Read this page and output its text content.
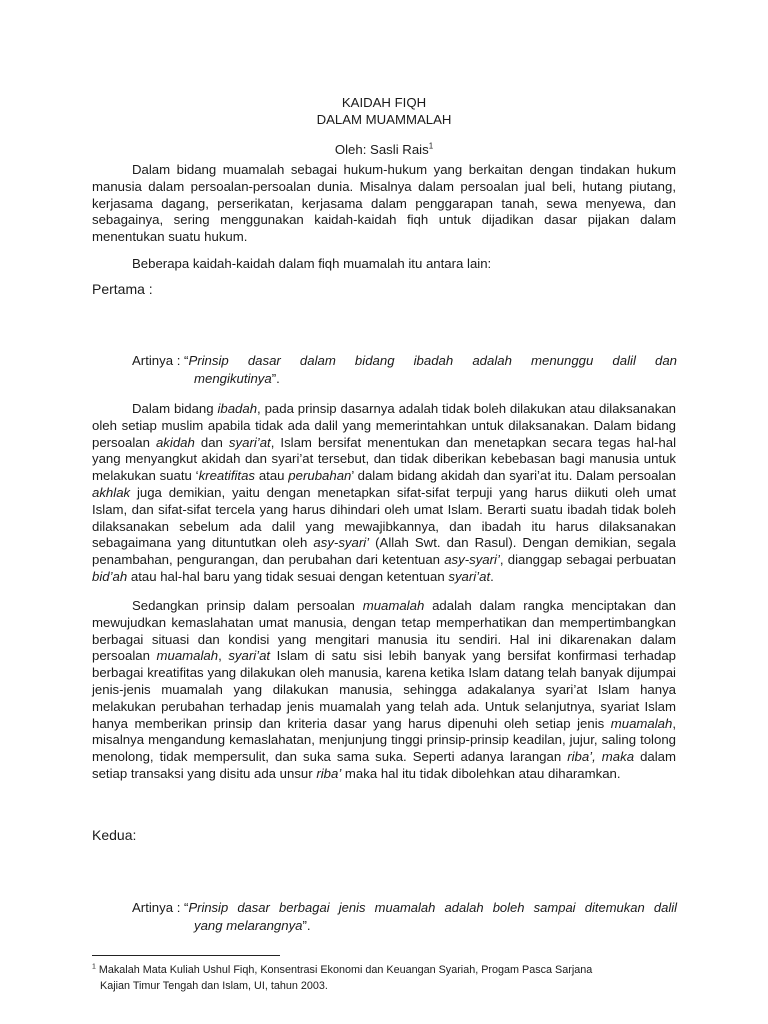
KAIDAH FIQH
DALAM MUAMMALAH
Oleh: Sasli Rais$^1$

Dalam bidang muamalah sebagai hukum-hukum yang berkaitan dengan tindakan hukum manusia dalam persoalan-persoalan dunia. Misalnya dalam persoalan jual beli, hutang piutang, kerjasama dagang, perserikatan, kerjasama dalam penggarapan tanah, sewa menyewa, dan sebagainya, sering menggunakan kaidah-kaidah fiqh untuk dijadikan dasar pijakan dalam menentukan suatu hukum.

Beberapa kaidah-kaidah dalam fiqh muamalah itu antara lain:

Pertama :
Artinya : “ Prinsip dasar dalam bidang ibadah adalah menunggu dalil dan
mengikutinya”.

Dalam bidang ibadah, pada prinsip dasarnya adalah tidak boleh dilakukan atau dilaksanakan oleh setiap muslim apabila tidak ada dalil yang memerintahkan untuk dilaksanakan. Dalam bidang persoalan akidah dan syari’at, Islam bersifat menentukan dan menetapkan secara tegas hal-hal yang menyangkut akidah dan syari’at tersebut, dan tidak diberikan kebebasan bagi manusia untuk melakukan suatu ‘kreatifitas atau perubahan’ dalam bidang akidah dan syari’at itu. Dalam persoalan akhlak juga demikian, yaitu dengan menetapkan sifat-sifat terpuji yang harus diikuti oleh umat Islam, dan sifat-sifat tercela yang harus dihindari oleh umat Islam. Berarti suatu ibadah tidak boleh dilaksanakan sebelum ada dalil yang mewajibkannya, dan ibadah itu harus dilaksanakan sebagaimana yang dituntutkan oleh asy-syari’ (Allah Swt. dan Rasul). Dengan demikian, segala penambahan, pengurangan, dan perubahan dari ketentuan asy-syari’, dianggap sebagai perbuatan bid’ah atau hal-hal baru yang tidak sesuai dengan ketentuan syari’at.

Sedangkan prinsip dalam persoalan muamalah adalah dalam rangka menciptakan dan mewujudkan kemaslahatan umat manusia, dengan tetap memperhatikan dan mempertimbangkan berbagai situasi dan kondisi yang mengitari manusia itu sendiri. Hal ini dikarenakan dalam persoalan muamalah, syari’at Islam di satu sisi lebih banyak yang bersifat konfirmasi terhadap berbagai kreatifitas yang dilakukan oleh manusia, karena ketika Islam datang telah banyak dijumpai jenis-jenis muamalah yang dilakukan manusia, sehingga adakalanya syari’at Islam hanya melakukan perubahan terhadap jenis muamalah yang telah ada. Untuk selanjutnya, syariat Islam hanya memberikan prinsip dan kriteria dasar yang harus dipenuhi oleh setiap jenis muamalah, misalnya mengandung kemaslahatan, menjunjung tinggi prinsip-prinsip keadilan, jujur, saling tolong menolong, tidak mempersulit, dan suka sama suka. Seperti adanya larangan riba’, maka dalam setiap transaksi yang disitu ada unsur riba’ maka hal itu tidak dibolehkan atau diharamkan.

Kedua:
Artinya : “ Prinsip dasar berbagai jenis muamalah adalah boleh sampai ditemukan dalil
yang melarangnya”.
$^1$ Makalah Mata Kuliah Ushul Fiqh, Konsentrasi Ekonomi dan Keuangan Syariah, Progam Pasca Sarjana
Kajian Timur Tengah dan Islam, UI, tahun 2003.
